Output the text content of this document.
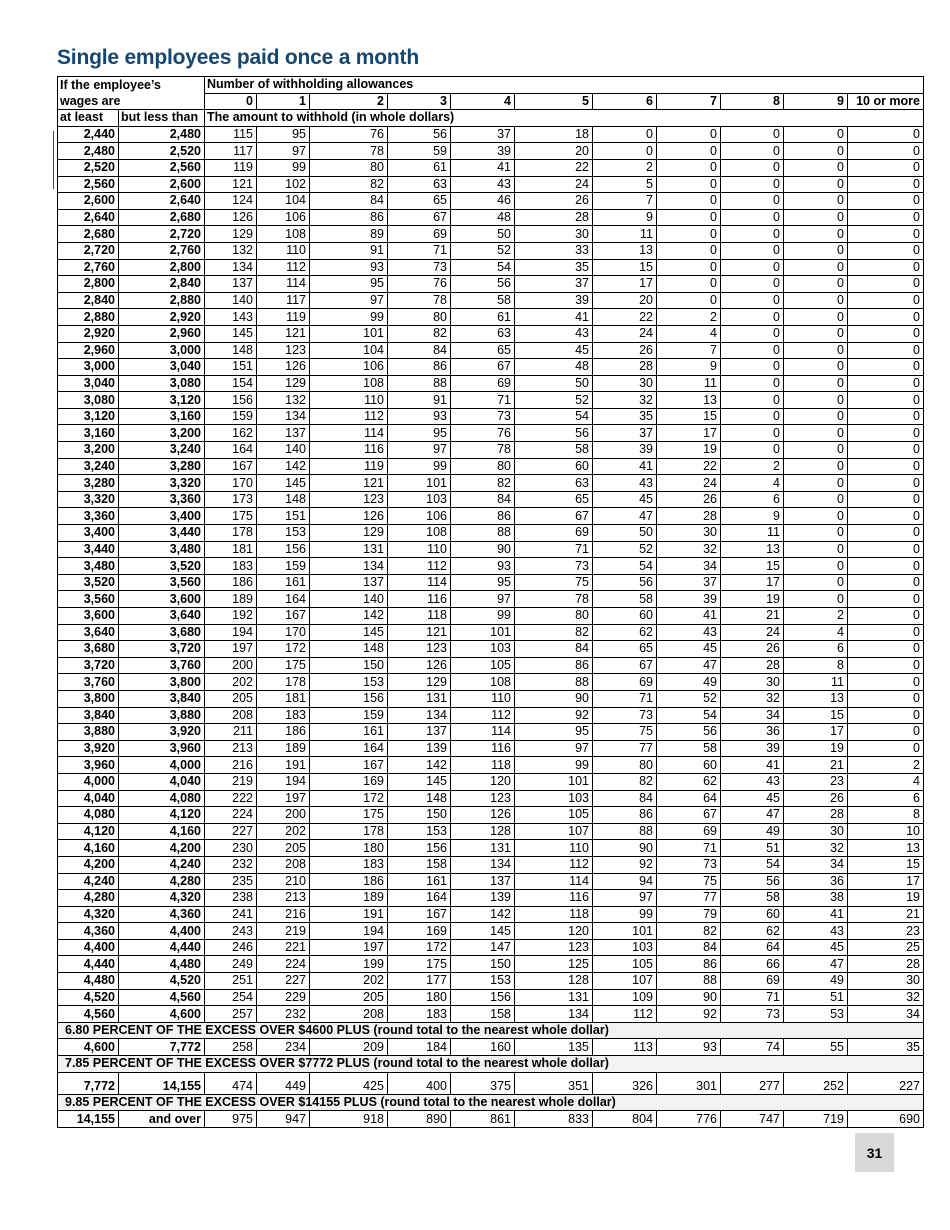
Single employees paid once a month
If the employee’s		Number of withholding allowances										
wages are		0	1	2	3	4	5	6	7	8	9	10 or more
at least	but less than	The amount to withhold (in whole dollars)										
2,440	2,480	115	95	76	56	37	18	0	0	0	0	0
2,480	2,520	117	97	78	59	39	20	0	0	0	0	0
2,520	2,560	119	99	80	61	41	22	2	0	0	0	0
2,560	2,600	121	102	82	63	43	24	5	0	0	0	0
2,600	2,640	124	104	84	65	46	26	7	0	0	0	0
2,640	2,680	126	106	86	67	48	28	9	0	0	0	0
2,680	2,720	129	108	89	69	50	30	11	0	0	0	0
2,720	2,760	132	110	91	71	52	33	13	0	0	0	0
2,760	2,800	134	112	93	73	54	35	15	0	0	0	0
2,800	2,840	137	114	95	76	56	37	17	0	0	0	0
2,840	2,880	140	117	97	78	58	39	20	0	0	0	0
2,880	2,920	143	119	99	80	61	41	22	2	0	0	0
2,920	2,960	145	121	101	82	63	43	24	4	0	0	0
2,960	3,000	148	123	104	84	65	45	26	7	0	0	0
3,000	3,040	151	126	106	86	67	48	28	9	0	0	0
3,040	3,080	154	129	108	88	69	50	30	11	0	0	0
3,080	3,120	156	132	110	91	71	52	32	13	0	0	0
3,120	3,160	159	134	112	93	73	54	35	15	0	0	0
3,160	3,200	162	137	114	95	76	56	37	17	0	0	0
3,200	3,240	164	140	116	97	78	58	39	19	0	0	0
3,240	3,280	167	142	119	99	80	60	41	22	2	0	0
3,280	3,320	170	145	121	101	82	63	43	24	4	0	0
3,320	3,360	173	148	123	103	84	65	45	26	6	0	0
3,360	3,400	175	151	126	106	86	67	47	28	9	0	0
3,400	3,440	178	153	129	108	88	69	50	30	11	0	0
3,440	3,480	181	156	131	110	90	71	52	32	13	0	0
3,480	3,520	183	159	134	112	93	73	54	34	15	0	0
3,520	3,560	186	161	137	114	95	75	56	37	17	0	0
3,560	3,600	189	164	140	116	97	78	58	39	19	0	0
3,600	3,640	192	167	142	118	99	80	60	41	21	2	0
3,640	3,680	194	170	145	121	101	82	62	43	24	4	0
3,680	3,720	197	172	148	123	103	84	65	45	26	6	0
3,720	3,760	200	175	150	126	105	86	67	47	28	8	0
3,760	3,800	202	178	153	129	108	88	69	49	30	11	0
3,800	3,840	205	181	156	131	110	90	71	52	32	13	0
3,840	3,880	208	183	159	134	112	92	73	54	34	15	0
3,880	3,920	211	186	161	137	114	95	75	56	36	17	0
3,920	3,960	213	189	164	139	116	97	77	58	39	19	0
3,960	4,000	216	191	167	142	118	99	80	60	41	21	2
4,000	4,040	219	194	169	145	120	101	82	62	43	23	4
4,040	4,080	222	197	172	148	123	103	84	64	45	26	6
4,080	4,120	224	200	175	150	126	105	86	67	47	28	8
4,120	4,160	227	202	178	153	128	107	88	69	49	30	10
4,160	4,200	230	205	180	156	131	110	90	71	51	32	13
4,200	4,240	232	208	183	158	134	112	92	73	54	34	15
4,240	4,280	235	210	186	161	137	114	94	75	56	36	17
4,280	4,320	238	213	189	164	139	116	97	77	58	38	19
4,320	4,360	241	216	191	167	142	118	99	79	60	41	21
4,360	4,400	243	219	194	169	145	120	101	82	62	43	23
4,400	4,440	246	221	197	172	147	123	103	84	64	45	25
4,440	4,480	249	224	199	175	150	125	105	86	66	47	28
4,480	4,520	251	227	202	177	153	128	107	88	69	49	30
4,520	4,560	254	229	205	180	156	131	109	90	71	51	32
4,560	4,600	257	232	208	183	158	134	112	92	73	53	34
6.80 PERCENT OF THE EXCESS OVER $4600 PLUS (round total to the nearest whole dollar)												
4,600	7,772	258	234	209	184	160	135	113	93	74	55	35
7.85 PERCENT OF THE EXCESS OVER $7772 PLUS (round total to the nearest whole dollar)												
7,772	14,155	474	449	425	400	375	351	326	301	277	252	227
9.85 PERCENT OF THE EXCESS OVER $14155 PLUS (round total to the nearest whole dollar)												
14,155	and over	975	947	918	890	861	833	804	776	747	719	690
31
